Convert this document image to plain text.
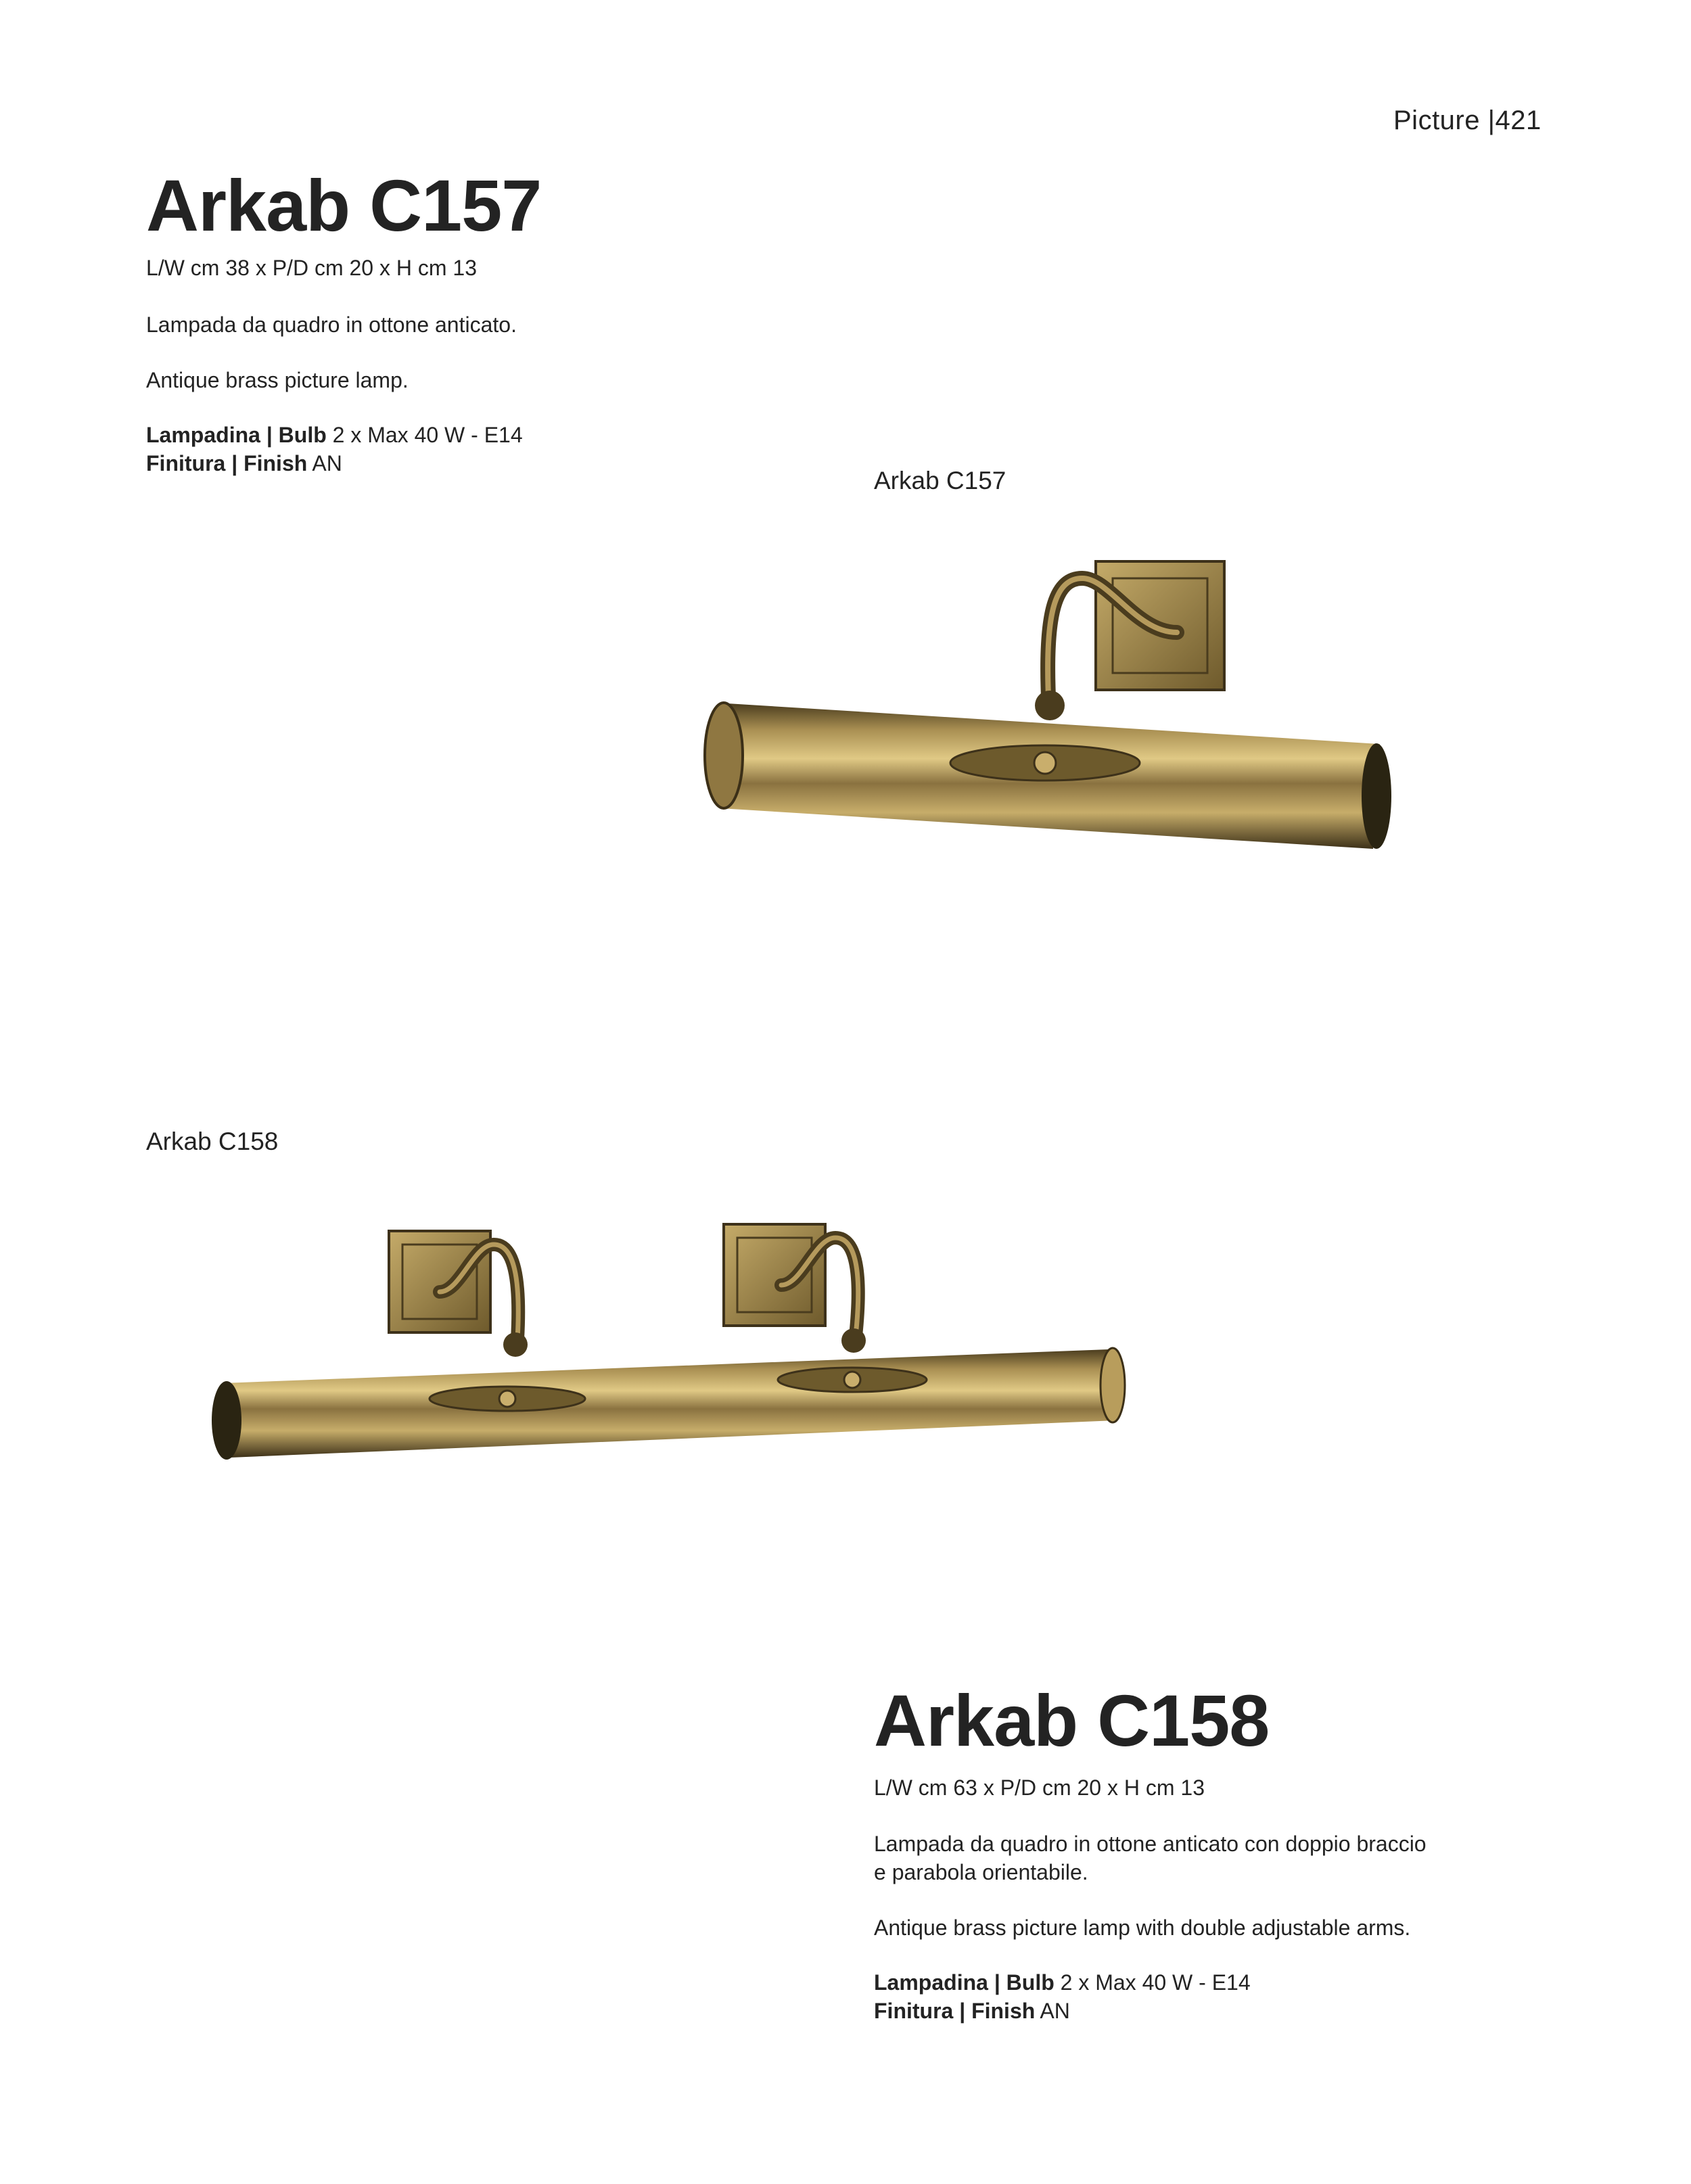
Picture |421
Arkab C157
L/W cm 38 x P/D cm 20 x H cm 13
Lampada da quadro in ottone anticato.
Antique brass picture lamp.
Lampadina | Bulb 2 x Max 40 W - E14
Finitura | Finish AN
Arkab C157
Arkab C158
Arkab C158
L/W cm 63 x P/D cm 20 x H cm 13
Lampada da quadro in ottone anticato con doppio braccio
e parabola orientabile.
Antique brass picture lamp with double adjustable arms.
Lampadina | Bulb 2 x Max 40 W - E14
Finitura | Finish AN
